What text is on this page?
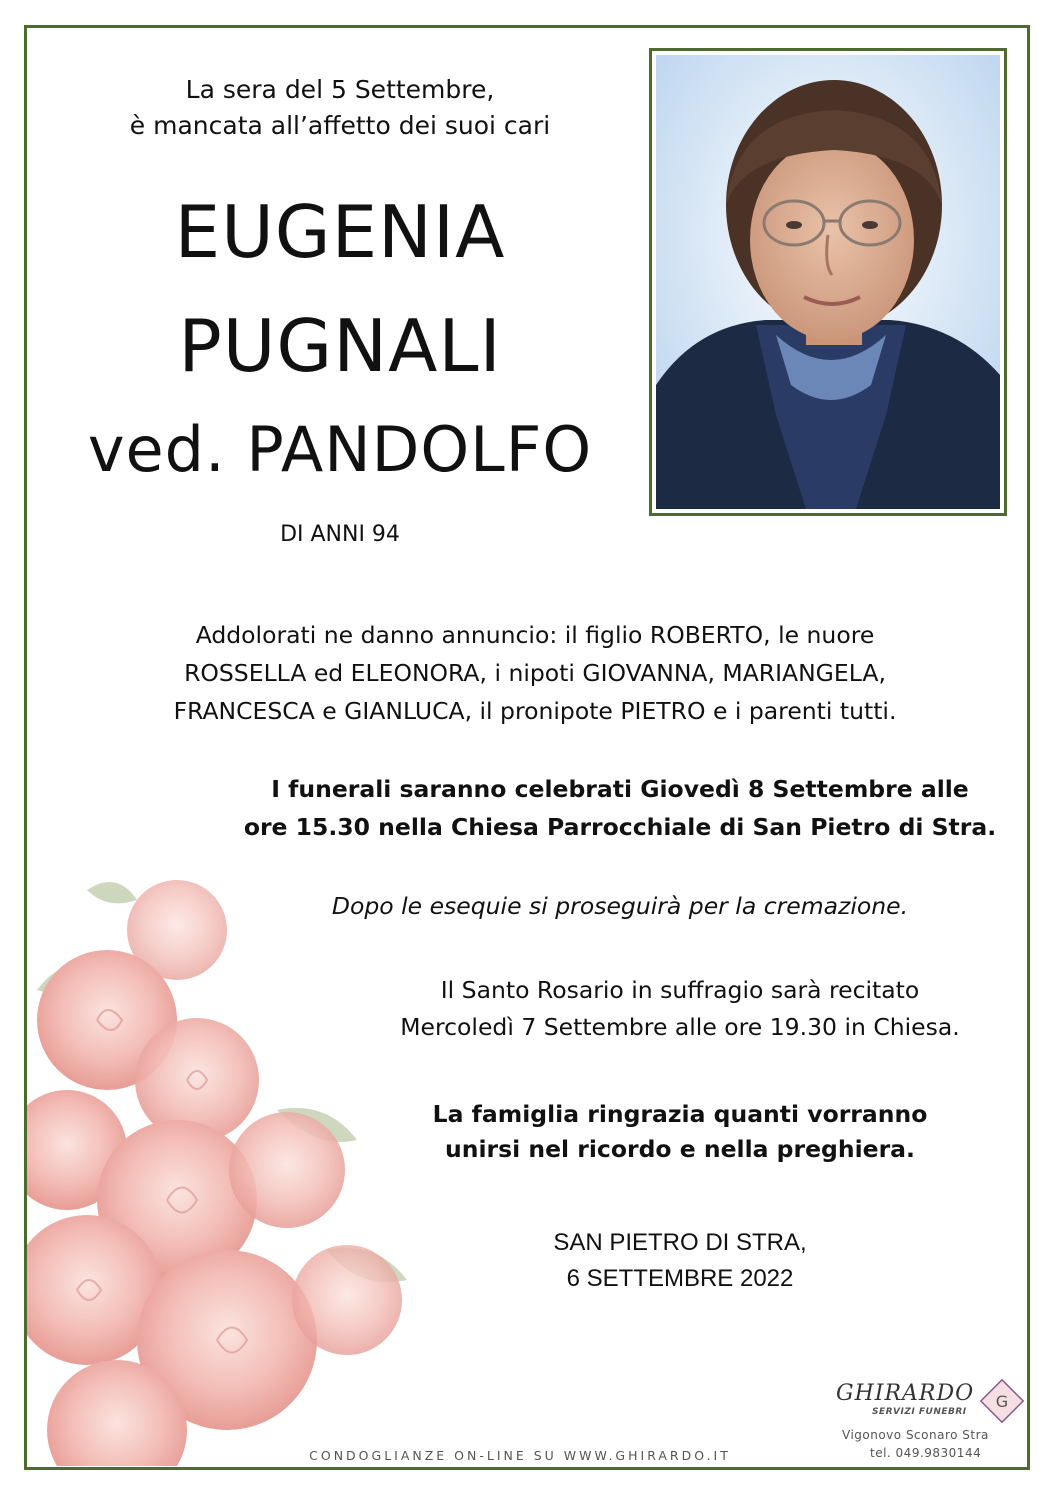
La sera del 5 Settembre,
è mancata all’affetto dei suoi cari
EUGENIA
PUGNALI
ved. PANDOLFO
DI ANNI 94
Addolorati ne danno annuncio: il figlio ROBERTO, le nuore
ROSSELLA ed ELEONORA, i nipoti GIOVANNA, MARIANGELA,
FRANCESCA e GIANLUCA, il pronipote PIETRO e i parenti tutti.
I funerali saranno celebrati Giovedì 8 Settembre alle
ore 15.30 nella Chiesa Parrocchiale di San Pietro di Stra.
Dopo le esequie si proseguirà per la cremazione.
Il Santo Rosario in suffragio sarà recitato
Mercoledì 7 Settembre alle ore 19.30 in Chiesa.
La famiglia ringrazia quanti vorranno
unirsi nel ricordo e nella preghiera.
SAN PIETRO DI STRA,
6 SETTEMBRE 2022
CONDOGLIANZE ON-LINE SU WWW.GHIRARDO.IT
GHIRARDO
SERVIZI FUNEBRI
G
Vigonovo Sconaro Stra
tel. 049.9830144
